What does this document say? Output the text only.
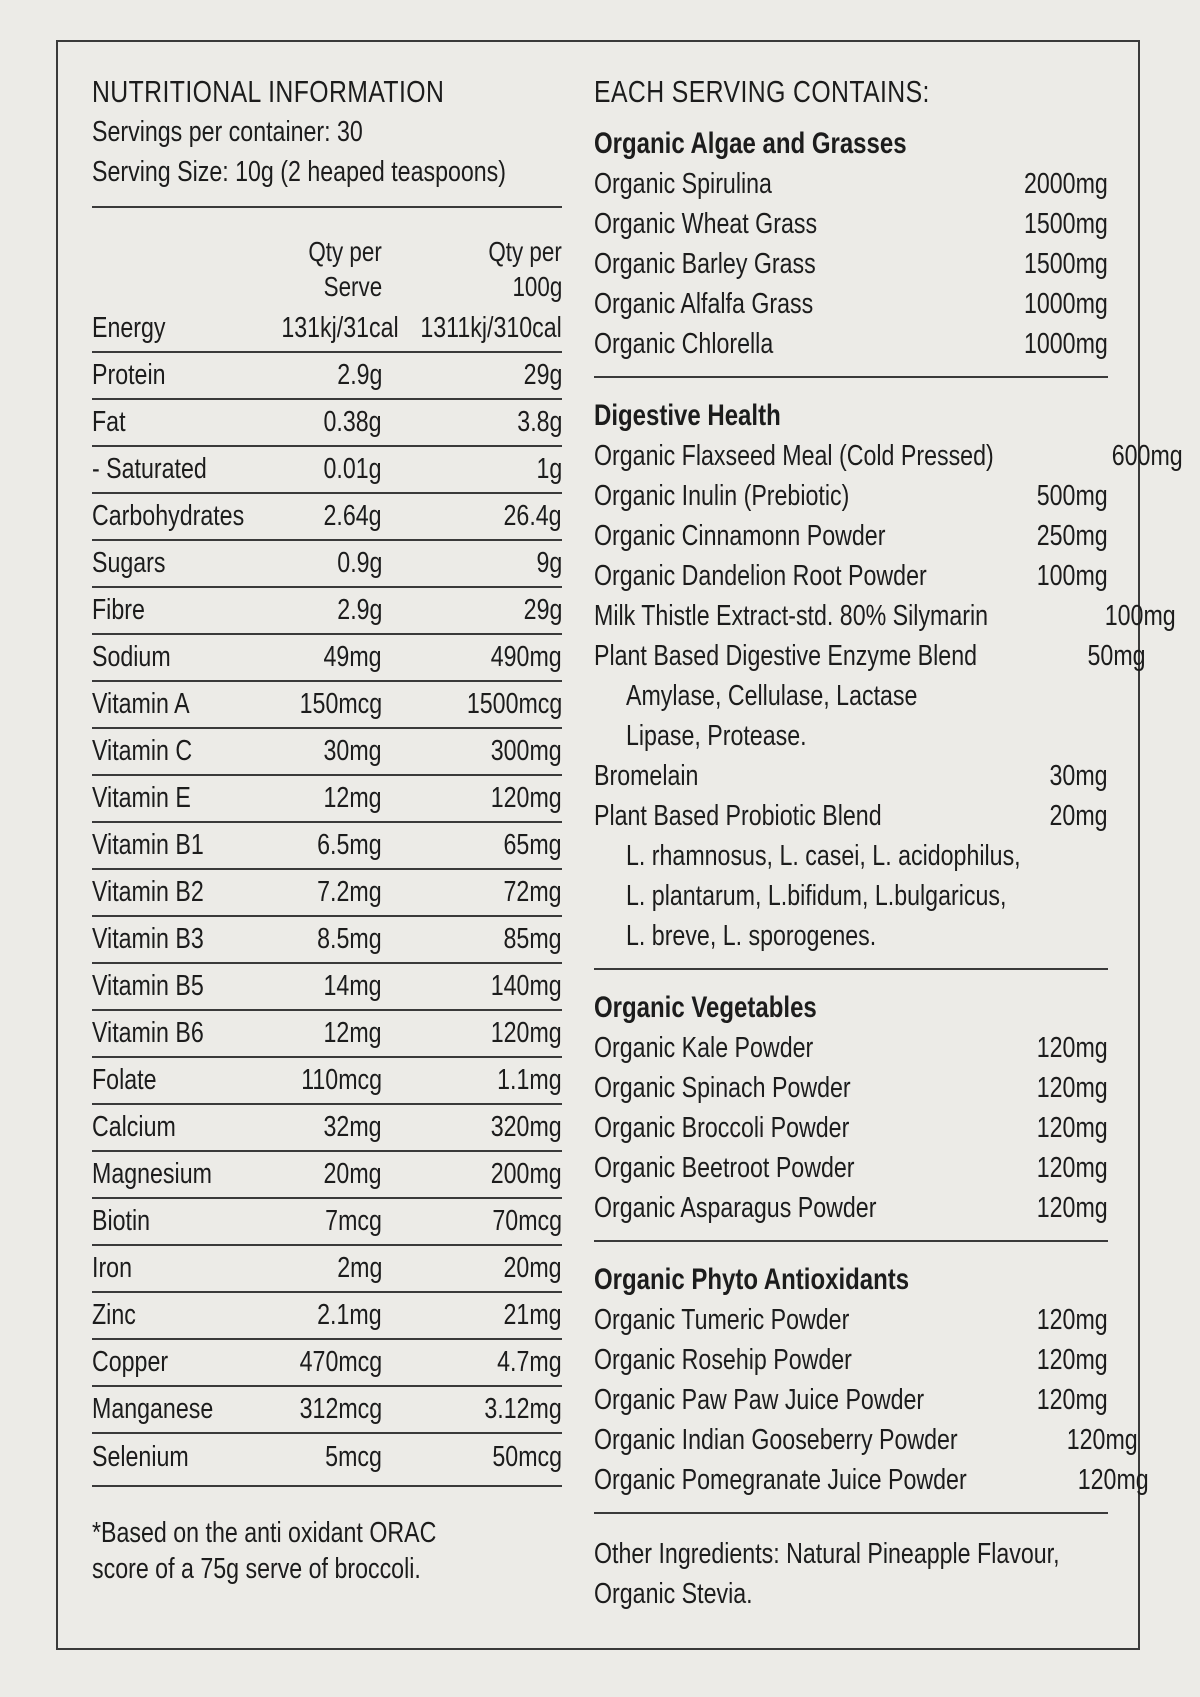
NUTRITIONAL INFORMATION
Servings per container: 30
Serving Size: 10g (2 heaped teaspoons)
Qty per
Serve
Qty per
100g
Energy	131kj/31cal 1311kj/310cal
Protein	2.9g	29g
Fat	0.38g	3.8g
- Saturated	0.01g	1g
Carbohydrates	2.64g	26.4g
Sugars	0.9g	9g
Fibre	2.9g	29g
Sodium	49mg	490mg
Vitamin A	150mcg	1500mcg
Vitamin C	30mg	300mg
Vitamin E	12mg	120mg
Vitamin B1	6.5mg	65mg
Vitamin B2	7.2mg	72mg
Vitamin B3	8.5mg	85mg
Vitamin B5	14mg	140mg
Vitamin B6	12mg	120mg
Folate	110mcg	1.1mg
Calcium	32mg	320mg
Magnesium	20mg	200mg
Biotin	7mcg	70mcg
Iron	2mg	20mg
Zinc	2.1mg	21mg
Copper	470mcg	4.7mg
Manganese	312mcg	3.12mg
Selenium	5mcg	50mcg
*Based on the anti oxidant ORAC
score of a 75g serve of broccoli.
EACH SERVING CONTAINS:
Organic Algae and Grasses
Organic Spirulina	2000mg
Organic Wheat Grass	1500mg
Organic Barley Grass	1500mg
Organic Alfalfa Grass	1000mg
Organic Chlorella	1000mg
Digestive Health
Organic Flaxseed Meal (Cold Pressed)	600mg
Organic Inulin (Prebiotic)	500mg
Organic Cinnamonn Powder	250mg
Organic Dandelion Root Powder	100mg
Milk Thistle Extract-std. 80% Silymarin	100mg
Plant Based Digestive Enzyme Blend	50mg
Amylase, Cellulase, Lactase
Lipase, Protease.
Bromelain	30mg
Plant Based Probiotic Blend	20mg
L. rhamnosus, L. casei, L. acidophilus,
L. plantarum, L.bifidum, L.bulgaricus,
L. breve, L. sporogenes.
Organic Vegetables
Organic Kale Powder	120mg
Organic Spinach Powder	120mg
Organic Broccoli Powder	120mg
Organic Beetroot Powder	120mg
Organic Asparagus Powder	120mg
Organic Phyto Antioxidants
Organic Tumeric Powder	120mg
Organic Rosehip Powder	120mg
Organic Paw Paw Juice Powder	120mg
Organic Indian Gooseberry Powder	120mg
Organic Pomegranate Juice Powder	120mg
Other Ingredients: Natural Pineapple Flavour,
Organic Stevia.
